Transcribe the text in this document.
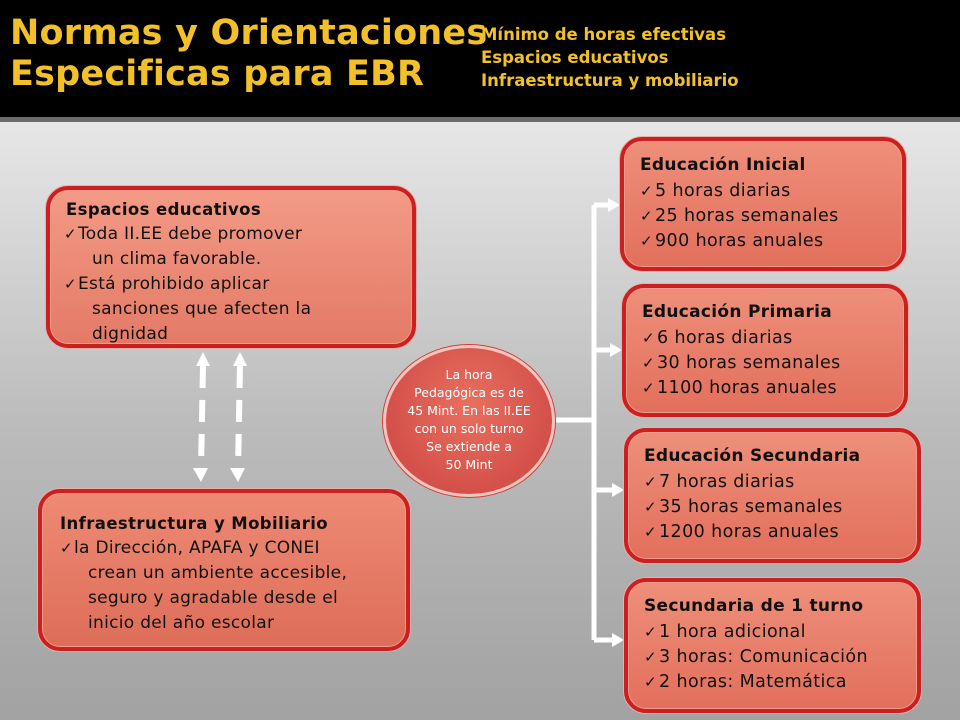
Normas y Orientaciones
Especificas para EBR
Mínimo de horas efectivas
Espacios educativos
Infraestructura y mobiliario
Espacios educativos
✓ Toda II.EE debe promover
un clima favorable.
✓ Está prohibido aplicar
sanciones que afecten la
dignidad
Infraestructura y Mobiliario
✓ la Dirección, APAFA y CONEI
crean un ambiente accesible,
seguro y agradable desde el
inicio del año escolar
La hora
Pedagógica es de
45 Mint. En las II.EE
con un solo turno
Se extiende a
50 Mint
Educación Inicial
✓ 5 horas diarias
✓ 25 horas semanales
✓ 900 horas anuales
Educación Primaria
✓ 6 horas diarias
✓ 30 horas semanales
✓ 1100 horas anuales
Educación Secundaria
✓ 7 horas diarias
✓ 35 horas semanales
✓ 1200 horas anuales
Secundaria de 1 turno
✓ 1 hora adicional
✓ 3 horas: Comunicación
✓ 2 horas: Matemática
